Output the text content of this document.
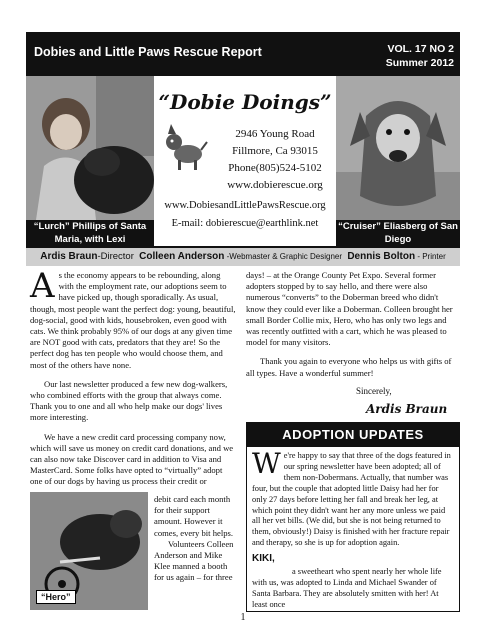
Dobies and Little Paws Rescue Report	VOL. 17 NO 2
Summer 2012
“Lurch” Phillips of Santa Maria, with Lexi
“Dobie Doings”
2946 Young Road
Fillmore, Ca 93015
Phone(805)524-5102
www.dobierescue.org
www.DobiesandLittlePawsRescue.org
E-mail: dobierescue@earthlink.net	“Cruiser” Eliasberg of San Diego
Ardis Braun-Director Colleen Anderson -Webmaster & Graphic Designer Dennis Bolton - Printer

As the economy appears to be rebounding, along with the employment rate, our adoptions seem to have picked up, though sporadically. As usual, though, most people want the perfect dog: young, beautiful, dog-social, good with kids, housebroken, even good with cats. We think probably 95% of our dogs at any given time are NOT good with cats, predators that they are! So the perfect dog has ten people who would choose them, and most of the others have none.

Our last newsletter produced a few new dog-walkers, who combined efforts with the group that always come. Thank you to one and all who help make our dogs' lives more interesting.

We have a new credit card processing company now, which will save us money on credit card donations, and we can also now take Discover card in addition to Visa and MasterCard. Some folks have opted to “virtually” adopt one of our dogs by having us process their credit or

“Hero”

debit card each month for their support amount. However it comes, every bit helps.

Volunteers Colleen Anderson and Mike Klee manned a booth for us again – for three

days! – at the Orange County Pet Expo. Several former adopters stopped by to say hello, and there were also numerous “converts” to the Doberman breed who didn't know they could ever like a Doberman. Colleen brought her small Border Collie mix, Hero, who has only two legs and was recently outfitted with a cart, which he was pleased to model for many visitors.

Thank you again to everyone who helps us with gifts of all types. Have a wonderful summer!

Sincerely,
Ardis Braun
ADOPTION UPDATES

We're happy to say that three of the dogs featured in our spring newsletter have been adopted; all of them non-Dobermans. Actually, that number was four, but the couple that adopted little Daisy had her for only 27 days before letting her fall and break her leg, at which point they didn't want her any more unless we paid all her vet bills. (We did, but she is not being returned to them, obviously!) Daisy is finished with her fracture repair and therapy, so she is up for adoption again.

KIKI,

a sweetheart who spent nearly her whole life with us, was adopted to Linda and Michael Swander of Santa Barbara. They are absolutely smitten with her! At least once

1
